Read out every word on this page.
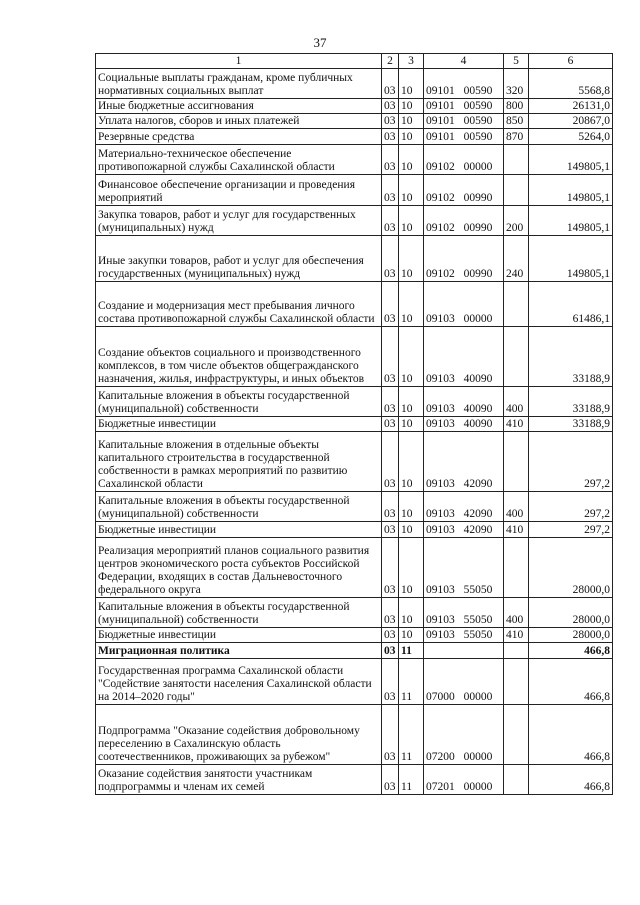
37
1	2	3	4	5	6
Социальные выплаты гражданам, кроме публичных нормативных социальных выплат	03	10	09101 00590	320	5568,8
Иные бюджетные ассигнования	03	10	09101 00590	800	26131,0
Уплата налогов, сборов и иных платежей	03	10	09101 00590	850	20867,0
Резервные средства	03	10	09101 00590	870	5264,0
Материально-техническое обеспечение противопожарной службы Сахалинской области	03	10	09102 00000		149805,1
Финансовое обеспечение организации и проведения мероприятий	03	10	09102 00990		149805,1
Закупка товаров, работ и услуг для государственных (муниципальных) нужд	03	10	09102 00990	200	149805,1
Иные закупки товаров, работ и услуг для обеспечения государственных (муниципальных) нужд	03	10	09102 00990	240	149805,1
Создание и модернизация мест пребывания личного состава противопожарной службы Сахалинской области	03	10	09103 00000		61486,1
Создание объектов социального и производственного комплексов, в том числе объектов общегражданского назначения, жилья, инфраструктуры, и иных объектов	03	10	09103 40090		33188,9
Капитальные вложения в объекты государственной (муниципальной) собственности	03	10	09103 40090	400	33188,9
Бюджетные инвестиции	03	10	09103 40090	410	33188,9
Капитальные вложения в отдельные объекты капитального строительства в государственной собственности в рамках мероприятий по развитию Сахалинской области	03	10	09103 42090		297,2
Капитальные вложения в объекты государственной (муниципальной) собственности	03	10	09103 42090	400	297,2
Бюджетные инвестиции	03	10	09103 42090	410	297,2
Реализация мероприятий планов социального развития центров экономического роста субъектов Российской Федерации, входящих в состав Дальневосточного федерального округа	03	10	09103 55050		28000,0
Капитальные вложения в объекты государственной (муниципальной) собственности	03	10	09103 55050	400	28000,0
Бюджетные инвестиции	03	10	09103 55050	410	28000,0
Миграционная политика	03	11			466,8
Государственная программа Сахалинской области "Содействие занятости населения Сахалинской области на 2014–2020 годы"	03	11	07000 00000		466,8
Подпрограмма "Оказание содействия добровольному переселению в Сахалинскую область соотечественников, проживающих за рубежом"	03	11	07200 00000		466,8
Оказание содействия занятости участникам подпрограммы и членам их семей	03	11	07201 00000		466,8
